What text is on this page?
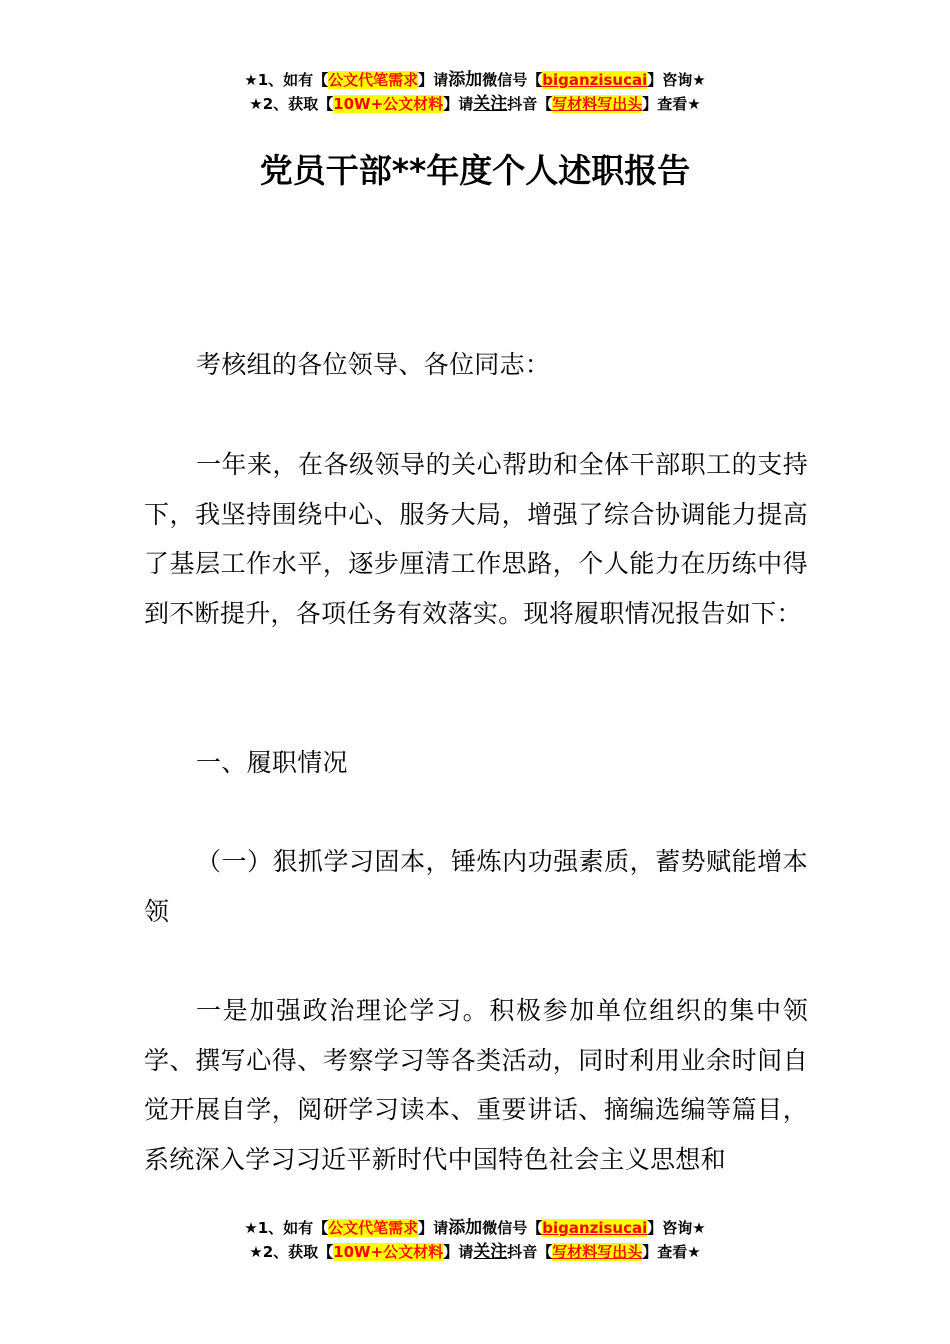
★1、如有【公文代笔需求】请添加微信号【biganzisucai】咨询★
★2、获取【10W+公文材料】请关注抖音【写材料写出头】查看★
党员干部**年度个人述职报告

考核组的各位领导、各位同志：

一年来，在各级领导的关心帮助和全体干部职工的支持下，我坚持围绕中心、服务大局，增强了综合协调能力提高了基层工作水平，逐步厘清工作思路，个人能力在历练中得到不断提升，各项任务有效落实。现将履职情况报告如下：

一、履职情况

（一）狠抓学习固本，锤炼内功强素质，蓄势赋能增本领

一是加强政治理论学习。积极参加单位组织的集中领学、撰写心得、考察学习等各类活动，同时利用业余时间自觉开展自学，阅研学习读本、重要讲话、摘编选编等篇目，系统深入学习习近平新时代中国特色社会主义思想和

★1、如有【公文代笔需求】请添加微信号【biganzisucai】咨询★
★2、获取【10W+公文材料】请关注抖音【写材料写出头】查看★
